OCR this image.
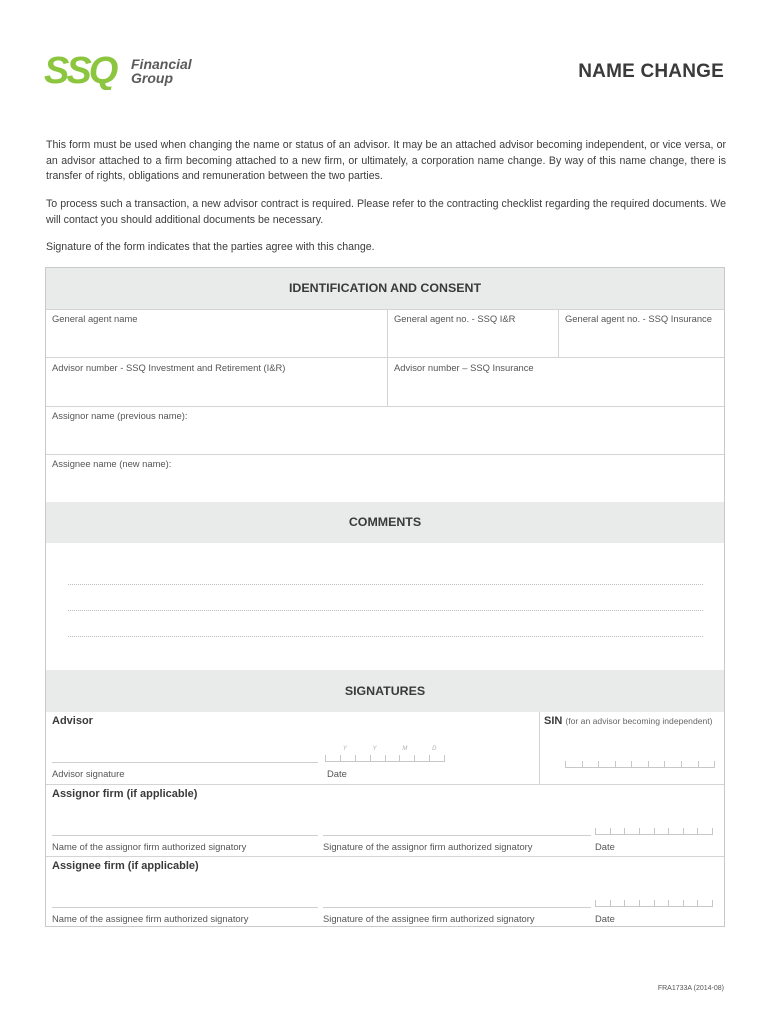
SSQ Financial
Group	NAME CHANGE

This form must be used when changing the name or status of an advisor. It may be an attached advisor becoming independent, or vice versa, or an advisor attached to a firm becoming attached to a new firm, or ultimately, a corporation name change. By way of this name change, there is transfer of rights, obligations and remuneration between the two parties.

To process such a transaction, a new advisor contract is required. Please refer to the contracting checklist regarding the required documents. We will contact you should additional documents be necessary.

Signature of the form indicates that the parties agree with this change.

IDENTIFICATION AND CONSENT
General agent name	General agent no. - SSQ I&R	General agent no. - SSQ Insurance
Advisor number - SSQ Investment and Retirement (I&R)	Advisor number – SSQ Insurance
Assignor name (previous name):
Assignee name (new name):
COMMENTS
SIGNATURES
Advisor	SIN (for an advisor becoming independent)
Y	Y	M	D
Advisor signature	Date
Assignor firm (if applicable)
Name of the assignor firm authorized signatory	Signature of the assignor firm authorized signatory	Date
Assignee firm (if applicable)
Name of the assignee firm authorized signatory	Signature of the assignee firm authorized signatory	Date
FRA1733A (2014-08)
